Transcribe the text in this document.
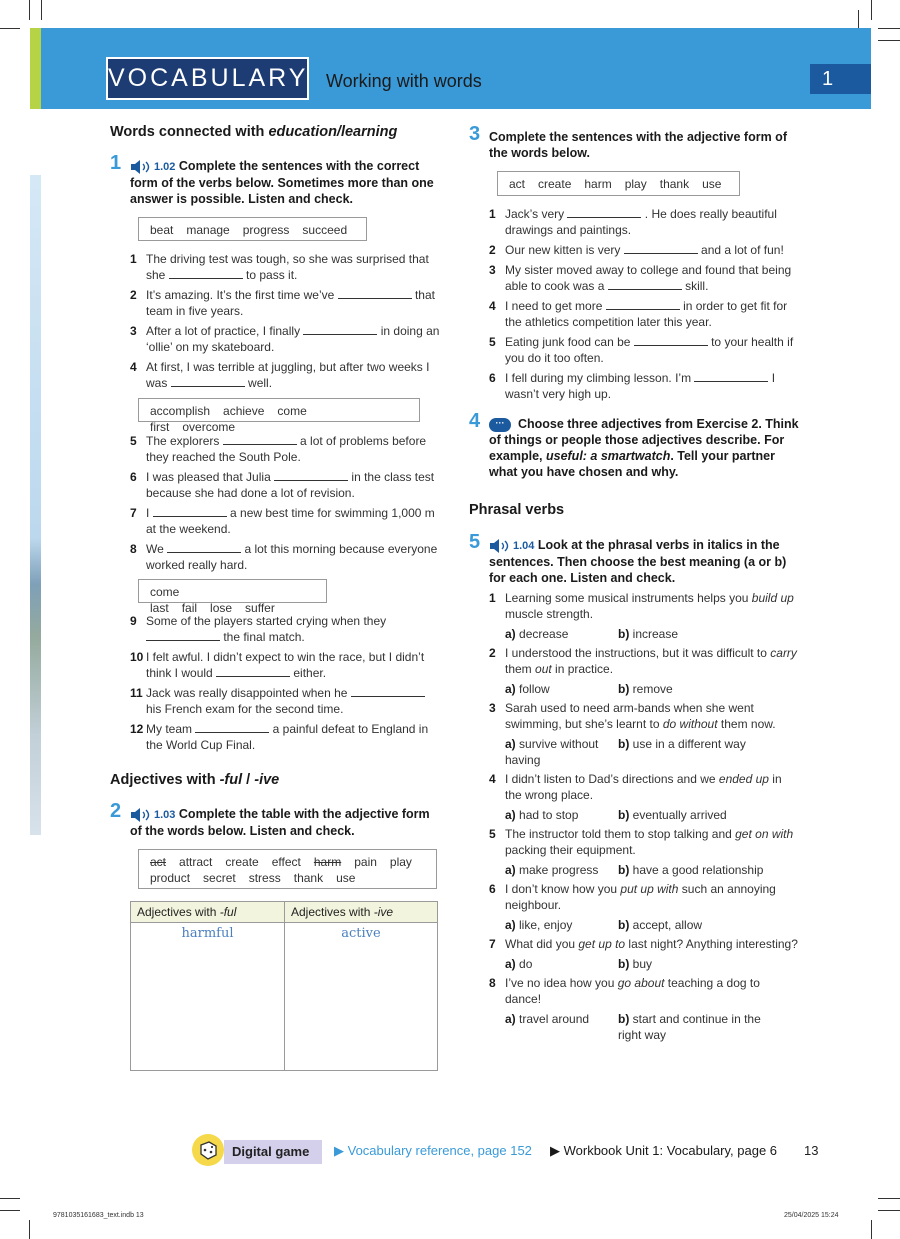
VOCABULARY Working with words	1
Words connected with education/learning
1	1.02 Complete the sentences with the correct form of the verbs below. Sometimes more than one answer is possible. Listen and check.
beat manage progress succeed
1 The driving test was tough, so she was surprised that she	to pass it.
2 It’s amazing. It’s the first time we’ve	that team in five years.
3 After a lot of practice, I finally	in doing an ‘ollie’ on my skateboard.
4 At first, I was terrible at juggling, but after two weeks I was	well.
accomplish achieve come first overcome
5 The explorers	a lot of problems before they reached the South Pole.
6 I was pleased that Julia	in the class test because she had done a lot of revision.
7 I	a new best time for swimming 1,000 m at the weekend.
8 We	a lot this morning because everyone worked really hard.
come last fail lose suffer
9 Some of the players started crying when they  the final match.
10 I felt awful. I didn’t expect to win the race, but I didn’t think I would	either.
11 Jack was really disappointed when he  his French exam for the second time.
12 My team	a painful defeat to England in the World Cup Final.
Adjectives with -ful / -ive
2	1.03 Complete the table with the adjective form of the words below. Listen and check.
act attract create effect harm pain play
product secret stress thank use
Adjectives with -ful	Adjectives with -ive
harmful	active
3 Complete the sentences with the adjective form of the words below.
act create harm play thank use
1 Jack’s very	. He does really beautiful drawings and paintings.
2 Our new kitten is very	and a lot of fun!
3 My sister moved away to college and found that being able to cook was a	skill.
4 I need to get more	in order to get fit for the athletics competition later this year.
5 Eating junk food can be	to your health if you do it too often.
6 I fell during my climbing lesson. I’m	I wasn’t very high up.
4	··· Choose three adjectives from Exercise 2. Think of things or people those adjectives describe. For example, useful: a smartwatch. Tell your partner what you have chosen and why.
Phrasal verbs
5	1.04 Look at the phrasal verbs in italics in the sentences. Then choose the best meaning (a or b) for each one. Listen and check.
1 Learning some musical instruments helps you build up muscle strength.
a) decrease	b) increase
2 I understood the instructions, but it was difficult to carry them out in practice.
a) follow	b) remove
3 Sarah used to need arm-bands when she went swimming, but she’s learnt to do without them now.
a) survive without having
b) use in a different way
4 I didn’t listen to Dad’s directions and we ended up in the wrong place.
a) had to stop	b) eventually arrived
5 The instructor told them to stop talking and get on with packing their equipment.
a) make progress	b) have a good relationship
6 I don’t know how you put up with such an annoying neighbour.
a) like, enjoy	b) accept, allow
7 What did you get up to last night? Anything interesting?
a) do	b) buy
8 I’ve no idea how you go about teaching a dog to dance!
a) travel around	b) start and continue in the right way
Digital game	▶ Vocabulary reference, page 152 ▶ Workbook Unit 1: Vocabulary, page 6 13
9781035161683_text.indb 13	25/04/2025 15:24
